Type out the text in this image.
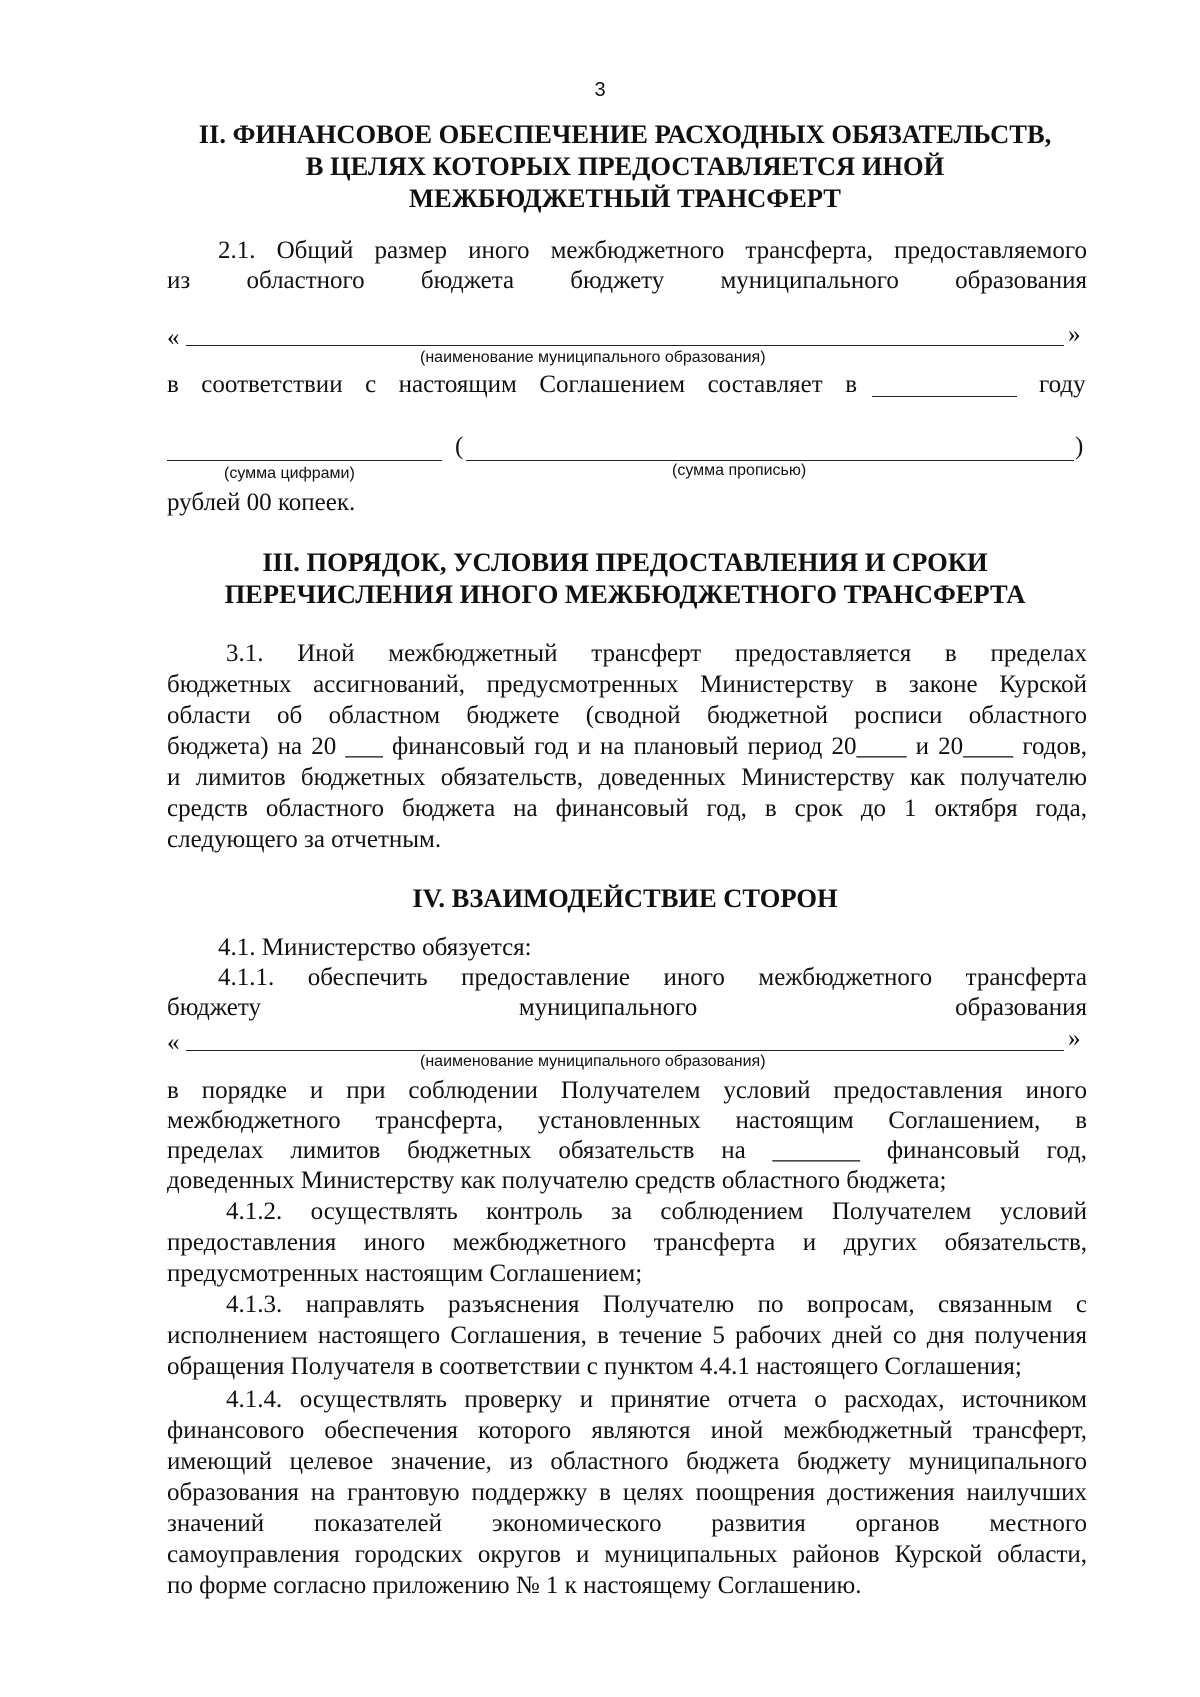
3
II. ФИНАНСОВОЕ ОБЕСПЕЧЕНИЕ РАСХОДНЫХ ОБЯЗАТЕЛЬСТВ,
В ЦЕЛЯХ КОТОРЫХ ПРЕДОСТАВЛЯЕТСЯ ИНОЙ
МЕЖБЮДЖЕТНЫЙ ТРАНСФЕРТ
2.1. Общий размер иного межбюджетного трансферта, предоставляемого
из областного бюджета бюджету муниципального образования
«	»
(наименование муниципального образования)
в соответствии с настоящим Соглашением составляет в	году
(	)
(сумма цифрами)	(сумма прописью)
рублей 00 копеек.
III. ПОРЯДОК, УСЛОВИЯ ПРЕДОСТАВЛЕНИЯ И СРОКИ
ПЕРЕЧИСЛЕНИЯ ИНОГО МЕЖБЮДЖЕТНОГО ТРАНСФЕРТА
3.1. Иной межбюджетный трансферт предоставляется в пределах
бюджетных ассигнований, предусмотренных Министерству в законе Курской
области об областном бюджете (сводной бюджетной росписи областного
бюджета) на 20 ___ финансовый год и на плановый период 20____ и 20____ годов,
и лимитов бюджетных обязательств, доведенных Министерству как получателю
средств областного бюджета на финансовый год, в срок до 1 октября года,
следующего за отчетным.
IV. ВЗАИМОДЕЙСТВИЕ СТОРОН
4.1. Министерство обязуется:
4.1.1. обеспечить предоставление иного межбюджетного трансферта
бюджету	муниципального	образования
«	»
(наименование муниципального образования)
в порядке и при соблюдении Получателем условий предоставления иного
межбюджетного трансферта, установленных настоящим Соглашением, в
пределах лимитов бюджетных обязательств на _______ финансовый год,
доведенных Министерству как получателю средств областного бюджета;
4.1.2. осуществлять контроль за соблюдением Получателем условий
предоставления иного межбюджетного трансферта и других обязательств,
предусмотренных настоящим Соглашением;
4.1.3. направлять разъяснения Получателю по вопросам, связанным с
исполнением настоящего Соглашения, в течение 5 рабочих дней со дня получения
обращения Получателя в соответствии с пунктом 4.4.1 настоящего Соглашения;
4.1.4. осуществлять проверку и принятие отчета о расходах, источником
финансового обеспечения которого являются иной межбюджетный трансферт,
имеющий целевое значение, из областного бюджета бюджету муниципального
образования на грантовую поддержку в целях поощрения достижения наилучших
значений показателей экономического развития органов местного
самоуправления городских округов и муниципальных районов Курской области,
по форме согласно приложению № 1 к настоящему Соглашению.
